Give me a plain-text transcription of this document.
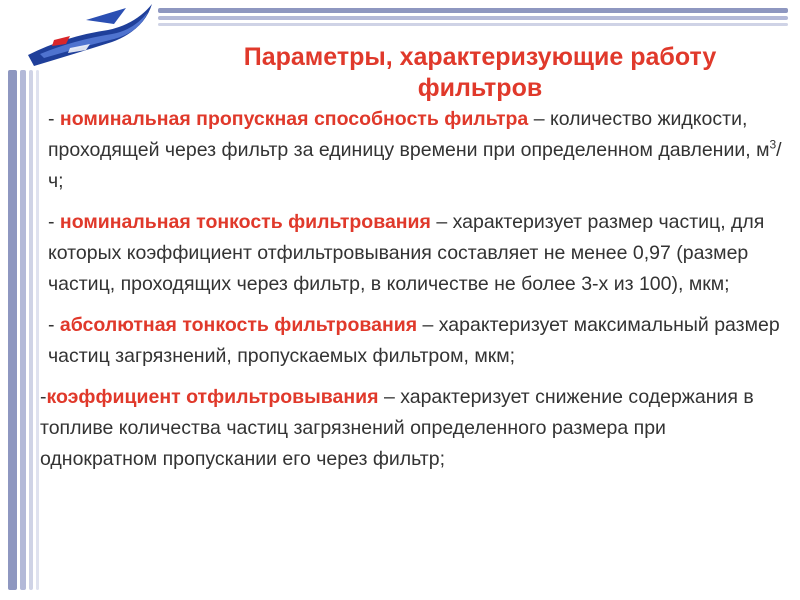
Параметры, характеризующие работу
фильтров

- номинальная пропускная способность фильтра – количество жидкости, проходящей через фильтр за единицу времени при определенном давлении, $м^3/ч$;

- номинальная тонкость фильтрования – характеризует размер частиц, для которых коэффициент отфильтровывания составляет не менее 0,97 (размер частиц, проходящих через фильтр, в количестве не более 3-х из 100), мкм;

- абсолютная тонкость фильтрования – характеризует максимальный размер частиц загрязнений, пропускаемых фильтром, мкм;

-коэффициент отфильтровывания – характеризует снижение содержания в топливе количества частиц загрязнений определенного размера при однократном пропускании его через фильтр;
